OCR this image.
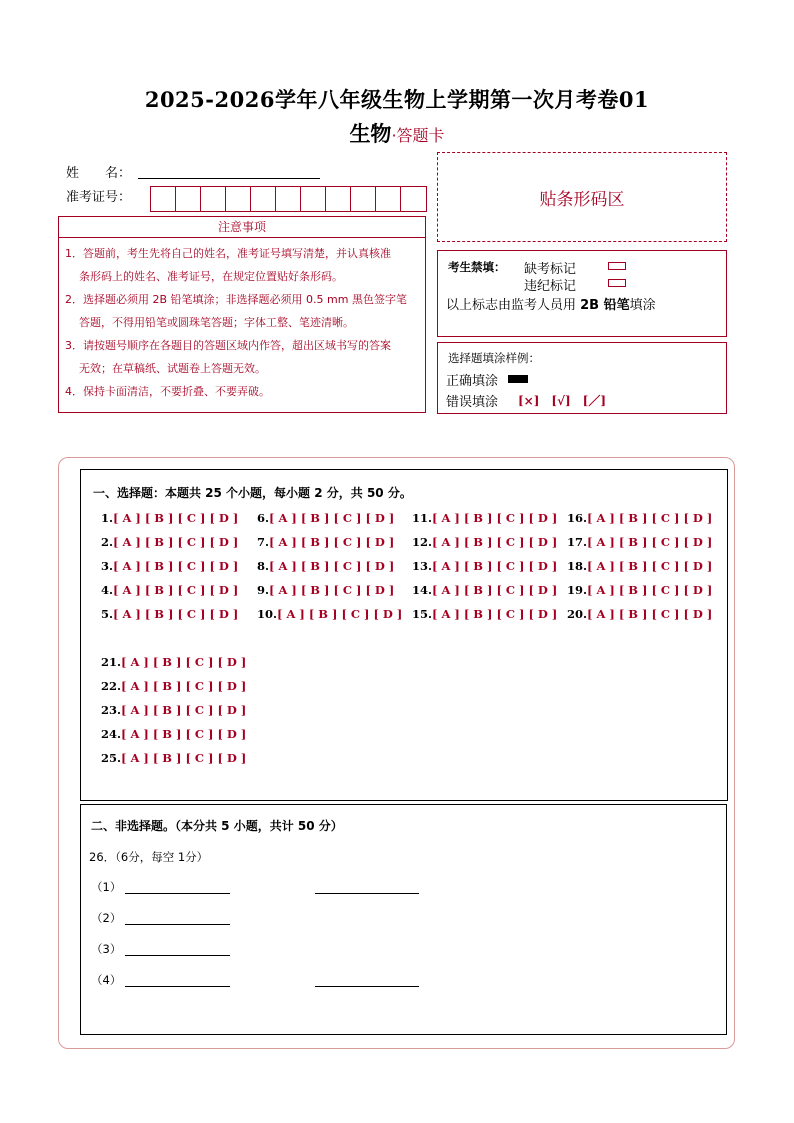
2025-2026学年八年级生物上学期第一次月考卷01
生物·答题卡
姓　　名：
准考证号：	贴条形码区
注意事项
1．答题前，考生先将自己的姓名，准考证号填写清楚，并认真核准
条形码上的姓名、准考证号，在规定位置贴好条形码。
2．选择题必须用 2B 铅笔填涂；非选择题必须用 0.5 mm 黑色签字笔
答题，不得用铅笔或圆珠笔答题；字体工整、笔迹清晰。
3．请按题号顺序在各题目的答题区域内作答，超出区域书写的答案
无效；在草稿纸、试题卷上答题无效。
4．保持卡面清洁，不要折叠、不要弄破。
考生禁填： 缺考标记
违纪标记
以上标志由监考人员用 2B 铅笔填涂
选择题填涂样例：
正确填涂
错误填涂 [×]　[√]　[／]
一、选择题：本题共 25 个小题，每小题 2 分，共 50 分。
1.[ A ] [ B ] [ C ] [ D ]
2.[ A ] [ B ] [ C ] [ D ]
3.[ A ] [ B ] [ C ] [ D ]
4.[ A ] [ B ] [ C ] [ D ]
5.[ A ] [ B ] [ C ] [ D ]
6.[ A ] [ B ] [ C ] [ D ]
7.[ A ] [ B ] [ C ] [ D ]
8.[ A ] [ B ] [ C ] [ D ]
9.[ A ] [ B ] [ C ] [ D ]
10.[ A ] [ B ] [ C ] [ D ]
11.[ A ] [ B ] [ C ] [ D ]
12.[ A ] [ B ] [ C ] [ D ]
13.[ A ] [ B ] [ C ] [ D ]
14.[ A ] [ B ] [ C ] [ D ]
15.[ A ] [ B ] [ C ] [ D ]
16.[ A ] [ B ] [ C ] [ D ]
17.[ A ] [ B ] [ C ] [ D ]
18.[ A ] [ B ] [ C ] [ D ]
19.[ A ] [ B ] [ C ] [ D ]
20.[ A ] [ B ] [ C ] [ D ]
21.[ A ] [ B ] [ C ] [ D ]
22.[ A ] [ B ] [ C ] [ D ]
23.[ A ] [ B ] [ C ] [ D ]
24.[ A ] [ B ] [ C ] [ D ]
25.[ A ] [ B ] [ C ] [ D ]
二、非选择题。（本分共 5 小题，共计 50 分）
26．（6分，每空 1分）
（1）
（2）
（3）
（4）
